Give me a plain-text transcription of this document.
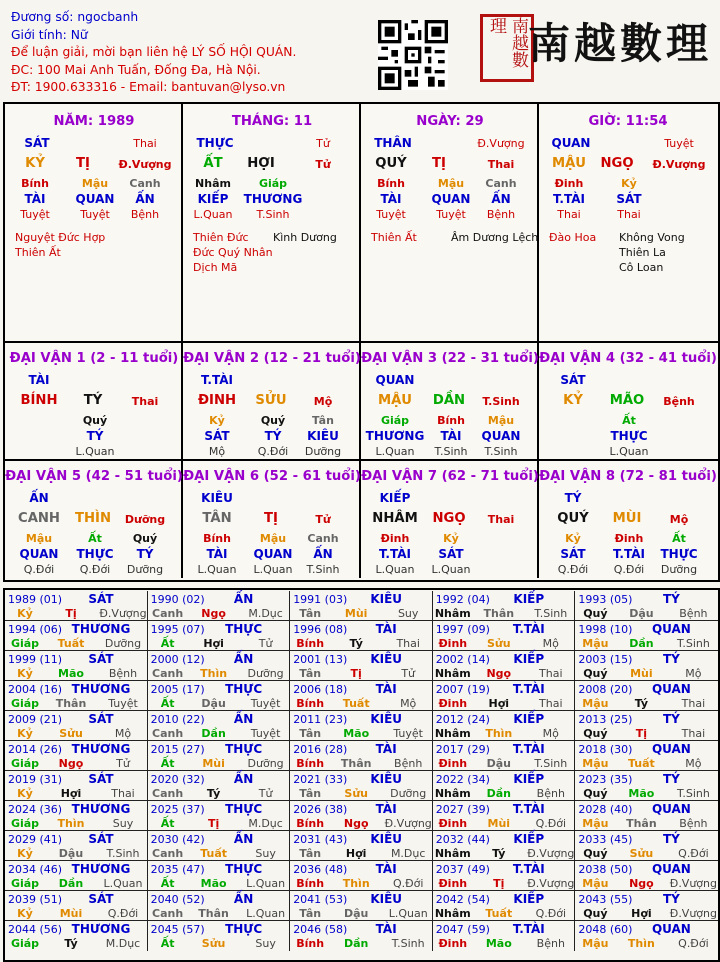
Đương số: ngocbanh
Giới tính: Nữ
Để luận giải, mời bạn liên hệ LÝ SỐ HỘI QUÁN.
ĐC: 100 Mai Anh Tuấn, Đống Đa, Hà Nội.
ĐT: 1900.633316 - Email: bantuvan@lyso.vn
南越數理 南越數理
NĂM: 1989
SÁT	Thai
KỶ TỊ	Đ.Vượng
Bính	Mậu Canh
TÀI	QUAN ẤN
Tuyệt	Tuyệt Bệnh
Nguyệt Đức Hợp
Thiên Ất
THÁNG: 11
THỰC	Tử
ẤT HỢI	Tử
Nhâm	Giáp
KIẾP THƯƠNG
L.Quan T.Sinh
Thiên Đức Kình Dương
Đức Quý Nhân
Dịch Mã
NGÀY: 29
THÂN	Đ.Vượng
QUÝ TỊ	Thai
Bính	Mậu Canh
TÀI	QUAN ẤN
Tuyệt	Tuyệt Bệnh
Thiên Ất	Âm Dương Lệch
GIỜ: 11:54
QUAN	Tuyệt
MẬU NGỌ Đ.Vượng
Đinh	Kỷ
T.TÀI	SÁT
Thai	Thai
Đào Hoa Không Vong
Thiên La
Cô Loan
ĐẠI VẬN 1 (2 - 11 tuổi)
TÀI
BÍNH TÝ	Thai
Quý
TÝ
L.Quan
ĐẠI VẬN 2 (12 - 21 tuổi)
T.TÀI
ĐINH SỬU Mộ
Kỷ	Quý Tân
SÁT	TÝ KIÊU
Mộ	Q.Đới Dưỡng
ĐẠI VẬN 3 (22 - 31 tuổi)
QUAN
MẬU DẦN T.Sinh
Giáp	Bính Mậu
THƯƠNG TÀI QUAN
L.Quan T.Sinh T.Sinh
ĐẠI VẬN 4 (32 - 41 tuổi)
SÁT
KỶ MÃO Bệnh
Ất
THỰC
L.Quan
ĐẠI VẬN 5 (42 - 51 tuổi)
ẤN
CANH THÌN Dưỡng
Mậu	Ất	Quý
QUAN THỰC TÝ
Q.Đới Q.Đới Dưỡng
ĐẠI VẬN 6 (52 - 61 tuổi)
KIÊU
TÂN TỊ	Tử
Bính	Mậu Canh
TÀI QUAN ẤN
L.Quan L.Quan T.Sinh
ĐẠI VẬN 7 (62 - 71 tuổi)
KIẾP
NHÂM NGỌ Thai
Đinh	Kỷ
T.TÀI SÁT
L.Quan L.Quan
ĐẠI VẬN 8 (72 - 81 tuổi)
TÝ
QUÝ MÙI	Mộ
Kỷ	Đinh	Ất
SÁT T.TÀI THỰC
Q.Đới Q.Đới Dưỡng
1989 (01) SÁT
Kỷ	Tị Đ.Vượng
1990 (02) ẤN
Canh Ngọ M.Dục
1991 (03) KIÊU
Tân Mùi	Suy
1992 (04) KIẾP
Nhâm Thân T.Sinh
1993 (05)	TÝ
Quý Dậu Bệnh
1994 (06) THƯƠNG
Giáp Tuất Dưỡng
1995 (07) THỰC
Ất	Hợi	Tử
1996 (08) TÀI
Bính Tý	Thai
1997 (09) T.TÀI
Đinh Sửu	Mộ
1998 (10) QUAN
Mậu Dần T.Sinh
1999 (11) SÁT
Kỷ Mão Bệnh
2000 (12) ẤN
Canh Thìn Dưỡng
2001 (13) KIÊU
Tân	Tị	Tử
2002 (14) KIẾP
Nhâm Ngọ	Thai
2003 (15)	TÝ
Quý Mùi	Mộ
2004 (16) THƯƠNG
Giáp Thân Tuyệt
2005 (17) THỰC
Ất Dậu Tuyệt
2006 (18) TÀI
Bính Tuất	Mộ
2007 (19) T.TÀI
Đinh Hợi	Thai
2008 (20) QUAN
Mậu Tý	Thai
2009 (21) SÁT
Kỷ Sửu	Mộ
2010 (22) ẤN
Canh Dần Tuyệt
2011 (23) KIÊU
Tân Mão Tuyệt
2012 (24) KIẾP
Nhâm Thìn	Mộ
2013 (25)	TÝ
Quý	Tị	Thai
2014 (26) THƯƠNG
Giáp Ngọ	Tử
2015 (27) THỰC
Ất	Mùi Dưỡng
2016 (28) TÀI
Bính Thân Bệnh
2017 (29) T.TÀI
Đinh Dậu T.Sinh
2018 (30) QUAN
Mậu Tuất	Mộ
2019 (31) SÁT
Kỷ	Hợi	Thai
2020 (32) ẤN
Canh Tý	Tử
2021 (33) KIÊU
Tân Sửu Dưỡng
2022 (34) KIẾP
Nhâm Dần Bệnh
2023 (35)	TÝ
Quý Mão T.Sinh
2024 (36) THƯƠNG
Giáp Thìn	Suy
2025 (37) THỰC
Ất	Tị	M.Dục
2026 (38) TÀI
Bính Ngọ Đ.Vượng
2027 (39) T.TÀI
Đinh Mùi Q.Đới
2028 (40) QUAN
Mậu Thân Bệnh
2029 (41) SÁT
Kỷ Dậu T.Sinh
2030 (42) ẤN
Canh Tuất	Suy
2031 (43) KIÊU
Tân Hợi M.Dục
2032 (44) KIẾP
Nhâm Tý Đ.Vượng
2033 (45)	TÝ
Quý Sửu Q.Đới
2034 (46) THƯƠNG
Giáp Dần L.Quan
2035 (47) THỰC
Ất Mão L.Quan
2036 (48) TÀI
Bính Thìn Q.Đới
2037 (49) T.TÀI
Đinh Tị Đ.Vượng
2038 (50) QUAN
Mậu Ngọ Đ.Vượng
2039 (51) SÁT
Kỷ Mùi Q.Đới
2040 (52) ẤN
Canh Thân L.Quan
2041 (53) KIÊU
Tân Dậu L.Quan
2042 (54) KIẾP
Nhâm Tuất Q.Đới
2043 (55)	TÝ
Quý Hợi Đ.Vượng
2044 (56) THƯƠNG
Giáp Tý	M.Dục
2045 (57) THỰC
Ất Sửu	Suy
2046 (58) TÀI
Bính Dần T.Sinh
2047 (59) T.TÀI
Đinh Mão Bệnh
2048 (60) QUAN
Mậu Thìn Q.Đới
